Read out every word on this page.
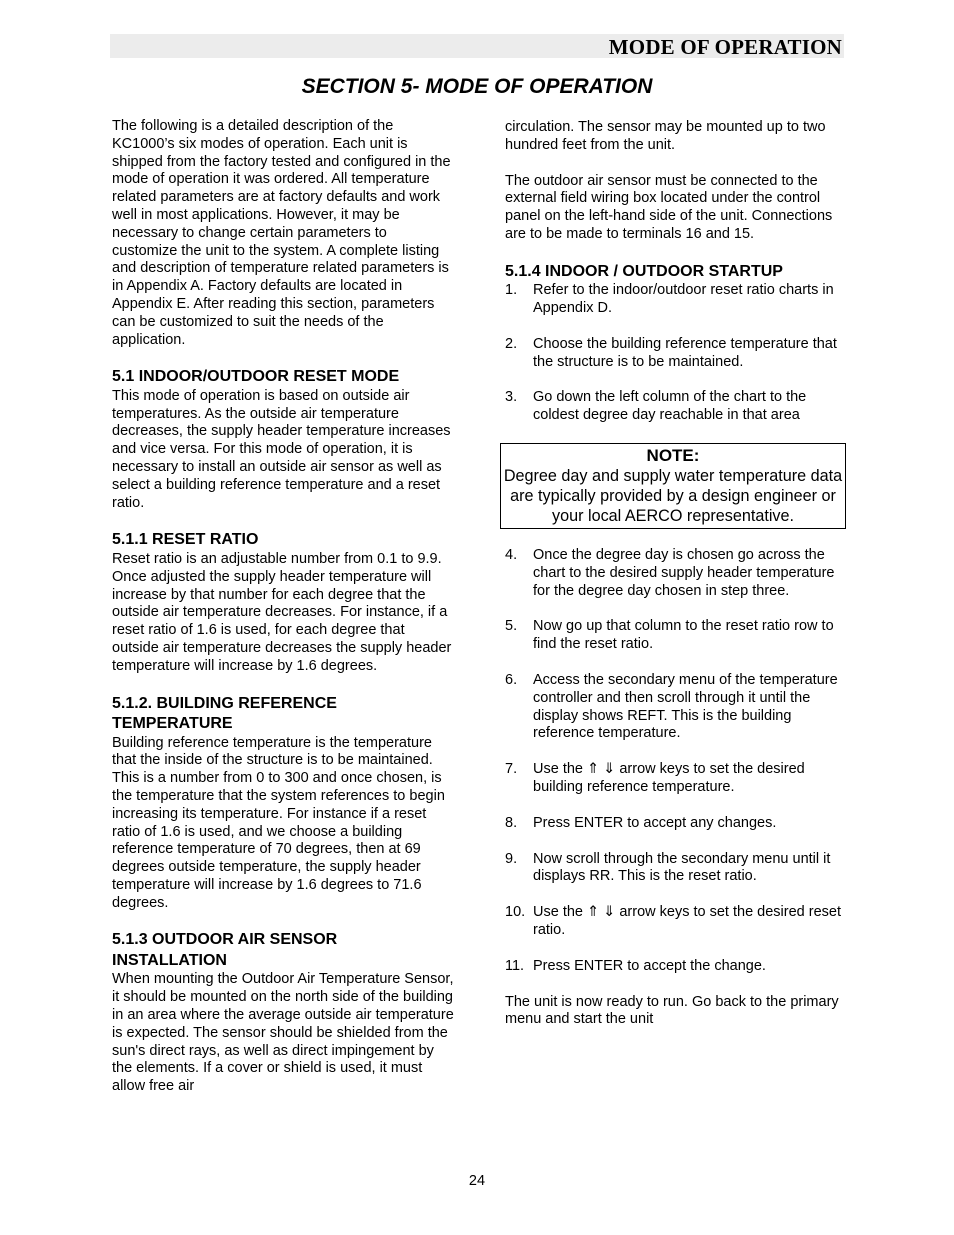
MODE OF OPERATION
SECTION 5- MODE OF OPERATION

The following is a detailed description of the KC1000’s six modes of operation. Each unit is shipped from the factory tested and configured in the mode of operation it was ordered. All temperature related parameters are at factory defaults and work well in most applications. However, it may be necessary to change certain parameters to customize the unit to the system. A complete listing and description of temperature related parameters is in Appendix A. Factory defaults are located in Appendix E. After reading this section, parameters can be customized to suit the needs of the application.

5.1 INDOOR/OUTDOOR RESET MODE

This mode of operation is based on outside air temperatures. As the outside air temperature decreases, the supply header temperature increases and vice versa. For this mode of operation, it is necessary to install an outside air sensor as well as select a building reference temperature and a reset ratio.

5.1.1 RESET RATIO

Reset ratio is an adjustable number from 0.1 to 9.9. Once adjusted the supply header temperature will increase by that number for each degree that the outside air temperature decreases. For instance, if a reset ratio of 1.6 is used, for each degree that outside air temperature decreases the supply header temperature will increase by 1.6 degrees.

5.1.2. BUILDING REFERENCE TEMPERATURE

Building reference temperature is the temperature that the inside of the structure is to be maintained. This is a number from 0 to 300 and once chosen, is the temperature that the system references to begin increasing its temperature. For instance if a reset ratio of 1.6 is used, and we choose a building reference temperature of 70 degrees, then at 69 degrees outside temperature, the supply header temperature will increase by 1.6 degrees to 71.6 degrees.

5.1.3 OUTDOOR AIR SENSOR INSTALLATION

When mounting the Outdoor Air Temperature Sensor, it should be mounted on the north side of the building in an area where the average outside air temperature is expected. The sensor should be shielded from the sun's direct rays, as well as direct impingement by the elements. If a cover or shield is used, it must allow free air

circulation. The sensor may be mounted up to two hundred feet from the unit.

The outdoor air sensor must be connected to the external field wiring box located under the control panel on the left-hand side of the unit. Connections are to be made to terminals 16 and 15.

5.1.4 INDOOR / OUTDOOR STARTUP
1.	Refer to the indoor/outdoor reset ratio charts in Appendix D.
2.	Choose the building reference temperature that the structure is to be maintained.
3.	Go down the left column of the chart to the coldest degree day reachable in that area
NOTE:
Degree day and supply water temperature data are typically provided by a design engineer or your local AERCO representative.
4.	Once the degree day is chosen go across the chart to the desired supply header temperature for the degree day chosen in step three.
5.	Now go up that column to the reset ratio row to find the reset ratio.
6.	Access the secondary menu of the temperature controller and then scroll through it until the display shows REFT. This is the building reference temperature.
7.	Use the ⇑ ⇓ arrow keys to set the desired building reference temperature.
8.	Press ENTER to accept any changes.
9.	Now scroll through the secondary menu until it displays RR. This is the reset ratio.
10. Use the ⇑ ⇓ arrow keys to set the desired reset ratio.
11. Press ENTER to accept the change.

The unit is now ready to run. Go back to the primary menu and start the unit

24
